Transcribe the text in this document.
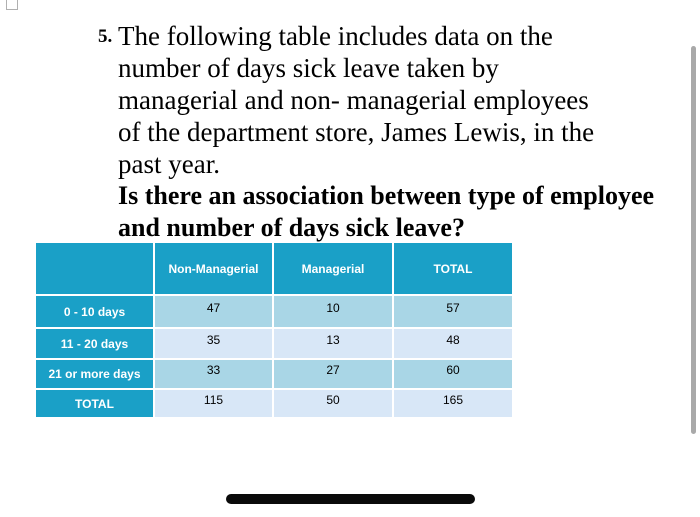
5. The following table includes data on the
number of days sick leave taken by
managerial and non- managerial employees
of the department store, James Lewis, in the
past year.
Is there an association between type of employee
and number of days sick leave?
	Non-Managerial	Managerial	TOTAL
0 - 10 days	47	10	57
11 - 20 days	35	13	48
21 or more days	33	27	60
TOTAL	115	50	165
